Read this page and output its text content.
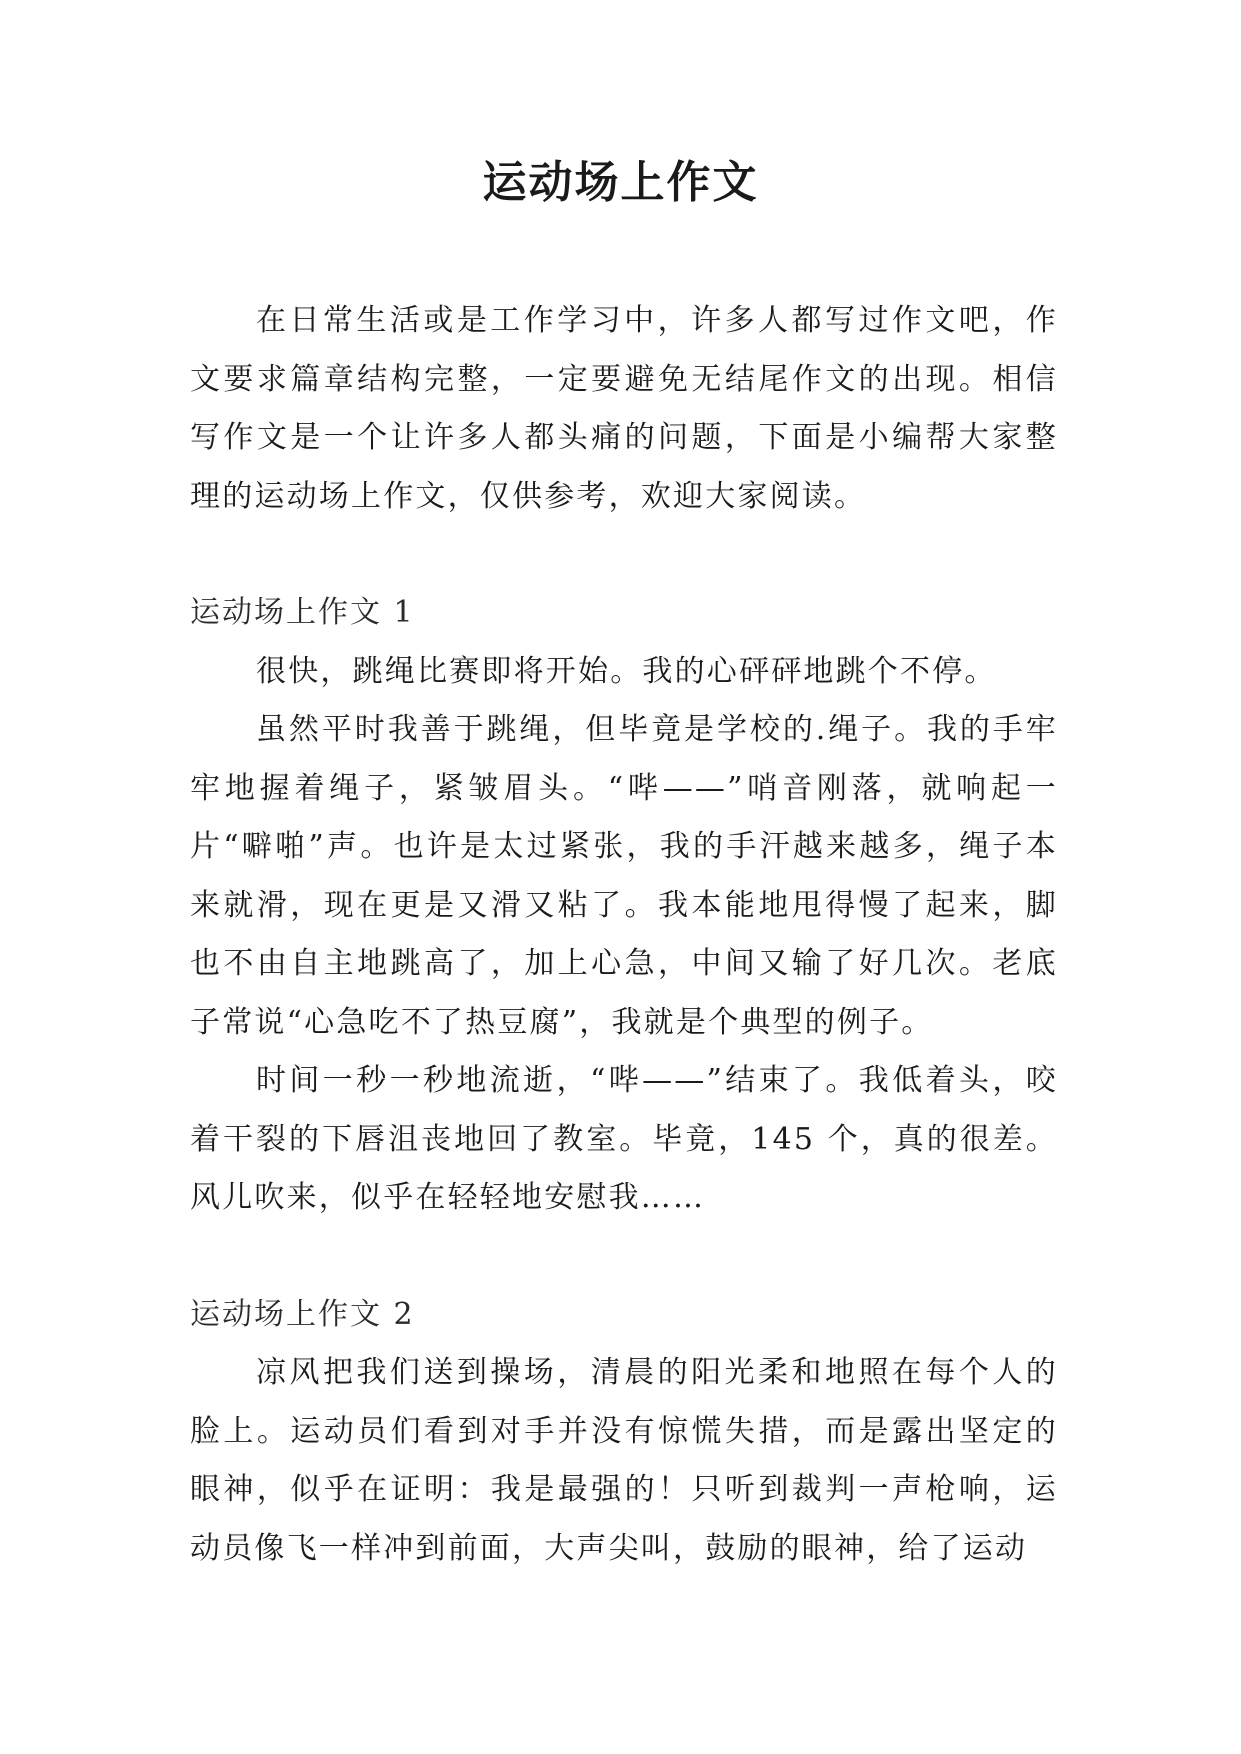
运动场上作文

在日常生活或是工作学习中，许多人都写过作文吧，作文要求篇章结构完整，一定要避免无结尾作文的出现。相信写作文是一个让许多人都头痛的问题，下面是小编帮大家整理的运动场上作文，仅供参考，欢迎大家阅读。

运动场上作文 1

很快，跳绳比赛即将开始。我的心砰砰地跳个不停。

虽然平时我善于跳绳，但毕竟是学校的.绳子。我的手牢牢地握着绳子，紧皱眉头。“哔——”哨音刚落，就响起一片“噼啪”声。也许是太过紧张，我的手汗越来越多，绳子本来就滑，现在更是又滑又粘了。我本能地甩得慢了起来，脚也不由自主地跳高了，加上心急，中间又输了好几次。老底子常说“心急吃不了热豆腐”，我就是个典型的例子。

时间一秒一秒地流逝，“哔——”结束了。我低着头，咬着干裂的下唇沮丧地回了教室。毕竟，145 个，真的很差。风儿吹来，似乎在轻轻地安慰我……

运动场上作文 2

凉风把我们送到操场，清晨的阳光柔和地照在每个人的脸上。运动员们看到对手并没有惊慌失措，而是露出坚定的眼神，似乎在证明：我是最强的！只听到裁判一声枪响，运动员像飞一样冲到前面，大声尖叫，鼓励的眼神，给了运动
